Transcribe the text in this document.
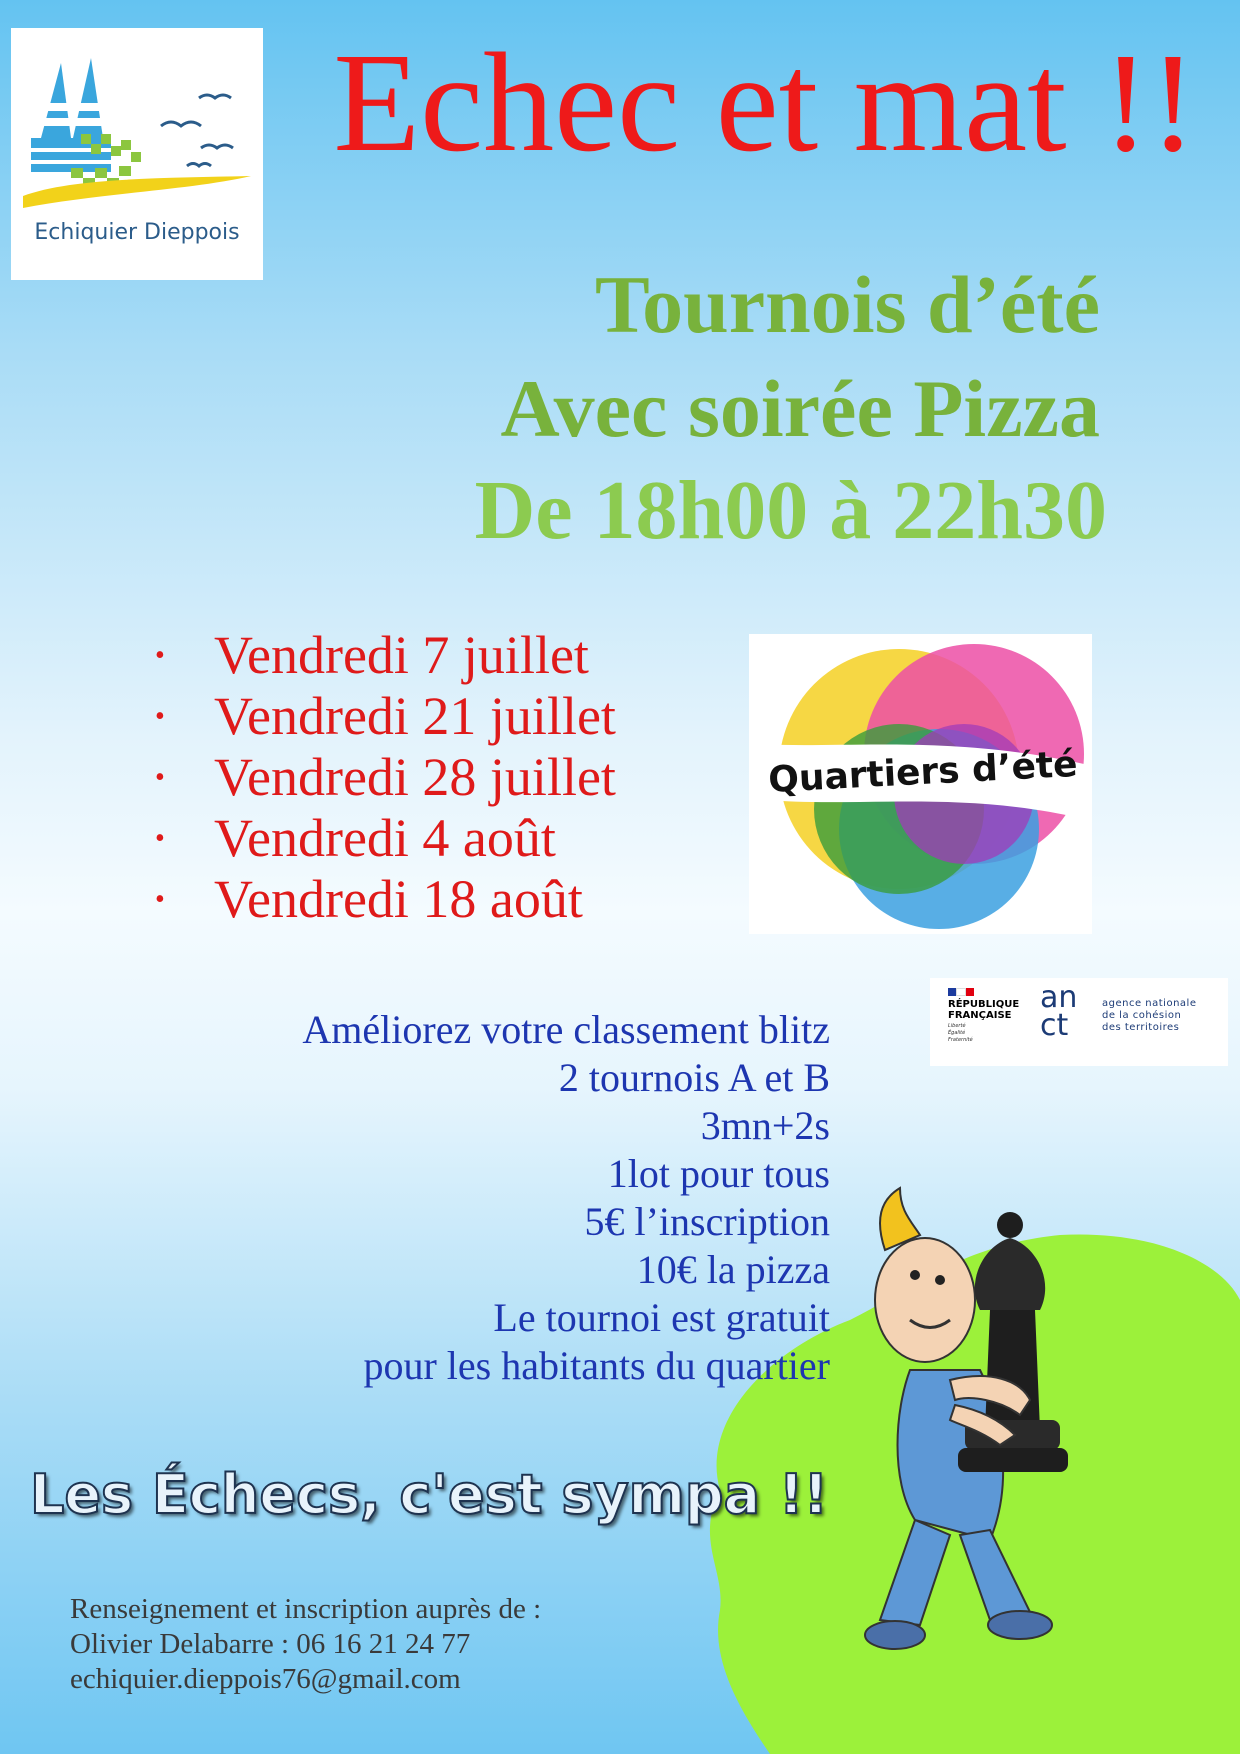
Echiquier Dieppois
Echec et mat !!
Tournois d’été
Avec soirée Pizza
De 18h00 à 22h30
• Vendredi 7 juillet
• Vendredi 21 juillet
• Vendredi 28 juillet
• Vendredi 4 août
• Vendredi 18 août
Quartiers d’été
RÉPUBLIQUE
FRANÇAISE
Liberté
Égalité
Fraternité
an
ct
agence nationale
de la cohésion
des territoires
Améliorez votre classement blitz
2 tournois A et B
3mn+2s
1lot pour tous
5€ l’inscription
10€ la pizza
Le tournoi est gratuit
pour les habitants du quartier
Les Échecs, c'est sympa !!
Renseignement et inscription auprès de :
Olivier Delabarre : 06 16 21 24 77
echiquier.dieppois76@gmail.com
